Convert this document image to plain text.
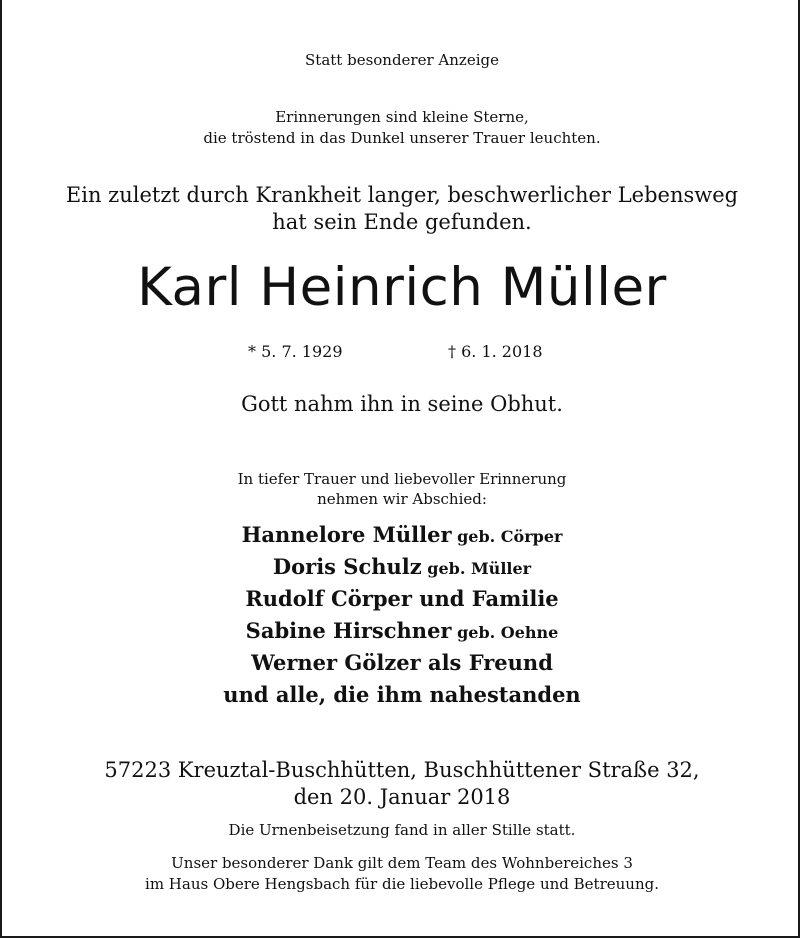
Statt besonderer Anzeige
Erinnerungen sind kleine Sterne,
die tröstend in das Dunkel unserer Trauer leuchten.
Ein zuletzt durch Krankheit langer, beschwerlicher Lebensweg
hat sein Ende gefunden.
Karl Heinrich Müller
* 5. 7. 1929	† 6. 1. 2018
Gott nahm ihn in seine Obhut.
In tiefer Trauer und liebevoller Erinnerung
nehmen wir Abschied:
Hannelore Müller geb. Cörper
Doris Schulz geb. Müller
Rudolf Cörper und Familie
Sabine Hirschner geb. Oehne
Werner Gölzer als Freund
und alle, die ihm nahestanden
57223 Kreuztal-Buschhütten, Buschhüttener Straße 32,
den 20. Januar 2018
Die Urnenbeisetzung fand in aller Stille statt.
Unser besonderer Dank gilt dem Team des Wohnbereiches 3
im Haus Obere Hengsbach für die liebevolle Pflege und Betreuung.
